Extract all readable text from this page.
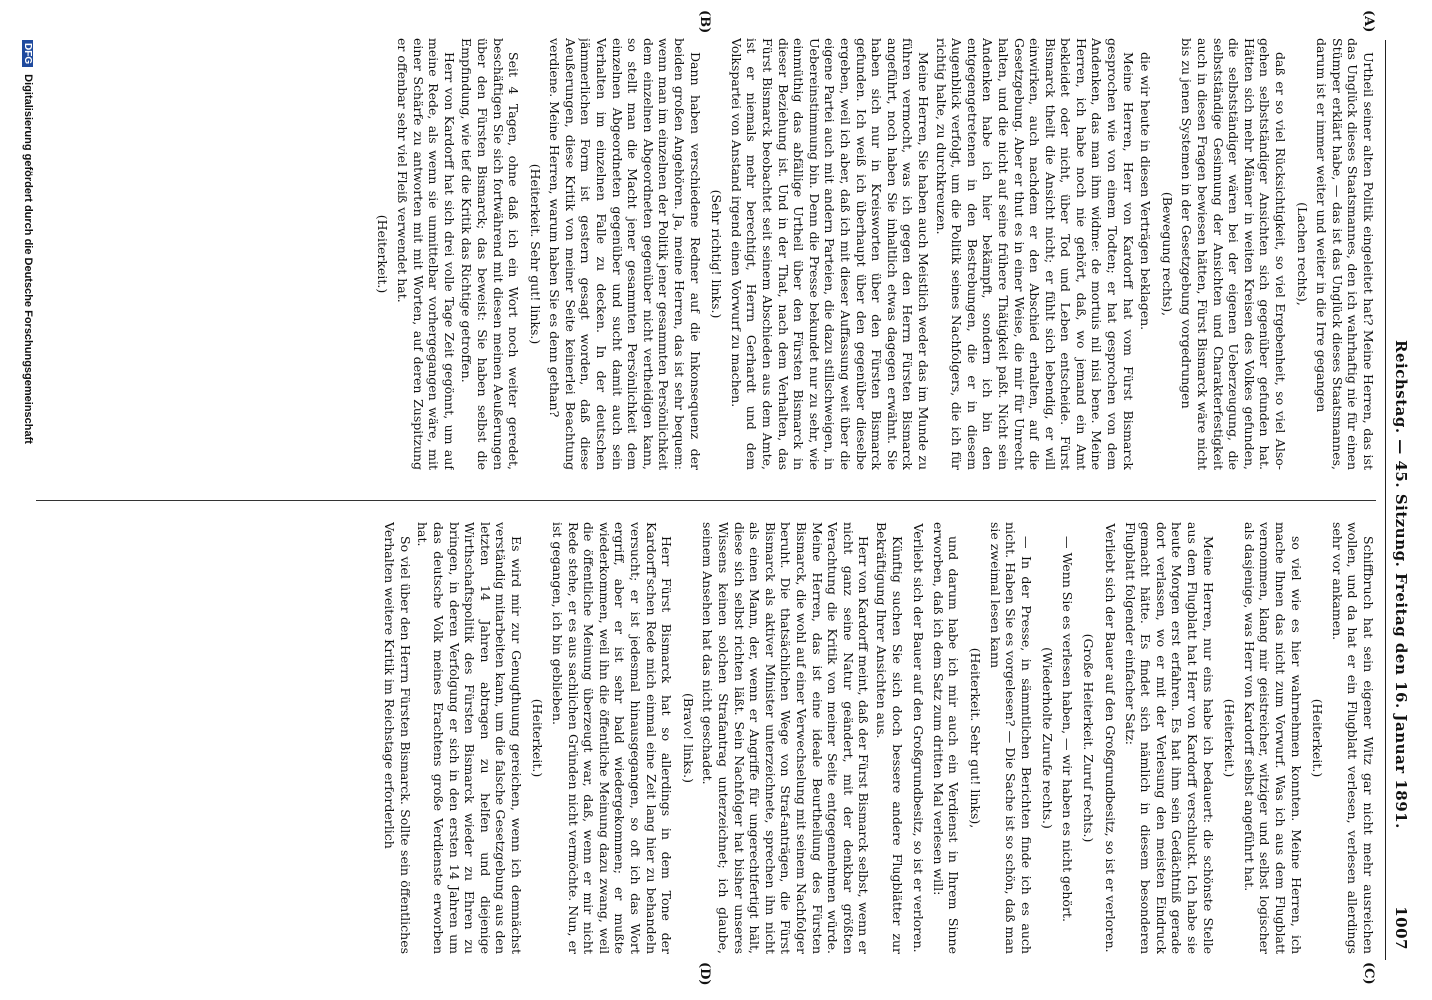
Reichstag. — 45. Sitzung. Freitag den 16. Januar 1891.
1007
(A)
(B)
(C)
(D)

Urtheil seiner alten Politik eingeleitet hat? Meine Herren, das ist das Unglück dieses Staatsmannes, den ich wahrhaftig nie für einen Stümper erklärt habe, — das ist das Unglück dieses Staatsmannes, darum ist er immer weiter und weiter in die Irre gegangen

(Lachen rechts),

daß er so viel Rücksichtigkeit, so viel Ergebenheit, so viel Also-gehen selbstständiger Ansichten sich gegenüber gefunden hat. Hätten sich mehr Männer in weiten Kreisen des Volkes gefunden, die selbstständiger wären bei der eigenen Ueberzeugung, die selbstständige Gesinnung der Ansichten und Charakterfestigkeit auch in diesen Fragen bewiesen hätten, Fürst Bismarck wäre nicht bis zu jenen Systemen in der Gesetzgebung vorgedrungen

(Bewegung rechts),

die wir heute in diesen Verträgen beklagen.

Meine Herren, Herr von Kardorff hat vom Fürst Bismarck gesprochen wie von einem Todten; er hat gesprochen von dem Andenken, das man ihm widme: de mortuis nil nisi bene. Meine Herren, ich habe noch nie gehört, daß, wo jemand ein Amt bekleidet oder nicht, über Tod und Leben entscheide. Fürst Bismarck theilt die Ansicht nicht; er fühlt sich lebendig, er will einwirken, auch nachdem er den Abschied erhalten, auf die Gesetzgebung. Aber er thut es in einer Weise, die mir für Unrecht halten, und die nicht auf seine frühere Thätigkeit paßt. Nicht sein Andenken habe ich hier bekämpft, sondern ich bin den entgegengetretenen in den Bestrebungen, die er in diesem Augenblick verfolgt, um die Politik seines Nachfolgers, die ich für richtig halte, zu durchkreuzen.

Meine Herren, Sie haben auch Meistlich weder das im Munde zu führen vermocht, was ich gegen den Herrn Fürsten Bismarck angeführt, noch haben Sie inhaltlich etwas dagegen erwähnt. Sie haben sich nur in Kreisworten über den Fürsten Bismarck gefunden. Ich weiß ich überhaupt über den gegenüber dieselbe ergeben, weil ich aber, daß ich mit dieser Auffassung weit über die eigene Partei auch mit andern Parteien, die dazu stillschweigen, in Uebereinstimmung bin. Denn die Presse bekundet nur zu sehr, wie einmüthig das abfällige Urtheil über den Fürsten Bismarck in dieser Beziehung ist. Und in der That, nach dem Verhalten, das Fürst Bismarck beobachtet seit seinem Abschieden aus dem Amte, ist er niemals mehr berechtigt, Herrn Gerhardt und dem Volkspartei von Anstand irgend einen Vorwurf zu machen.

(Sehr richtig! links.)

Dann haben verschiedene Redner auf die Inkonsequenz der beiden großen Angehören. Ja, meine Herren, das ist sehr bequem: wenn man im einzelnen der Politik jener gesammten Persönlichkeit dem einzelnen Abgeordneten gegenüber nicht vertheidigen kann, so stellt man die Macht jener gesammten Persönlichkeit dem einzelnen Abgeordneten gegenüber und sucht damit auch sein Verhalten im einzelnen Falle zu decken. In der deutschen jämmerlichen Form ist gestern gesagt worden, daß diese Aeußerungen, diese Kritik von meiner Seite keinerlei Beachtung verdiene. Meine Herren, warum haben Sie es denn gethan?

(Heiterkeit. Sehr gut! links.)

Seit 4 Tagen, ohne daß ich ein Wort noch weiter geredet, beschäftigen Sie sich fortwährend mit diesen meinen Aeußerungen über den Fürsten Bismarck; das beweist: Sie haben selbst die Empfindung, wie tief die Kritik das Richtige getroffen.

Herr von Kardorff hat sich drei volle Tage Zeit gegönnt, um auf meine Rede, als wenn sie unmittelbar vorhergegangen wäre, mit einer Schärfe zu antworten mit mit Worten, auf deren Zuspitzung er offenbar sehr viel Fleiß verwendet hat.

(Heiterkeit.)

Schiffbruch hat sein eigener Witz gar nicht mehr ausreichen wollen, und da hat er ein Flugblatt verlesen, verlesen allerdings sehr vor ankamen.

(Heiterkeit.)

so viel wie es hier wahrnehmen konnten. Meine Herren, ich mache Ihnen das nicht zum Vorwurf. Was ich aus dem Flugblatt vernommen, klang mir geistreicher, witziger und selbst logischer als dasjenige, was Herr von Kardorff selbst angeführt hat.

(Heiterkeit.)

Meine Herren, nur eins habe ich bedauert: die schönste Stelle aus dem Flugblatt hat Herr von Kardorff verschluckt. Ich habe sie heute Morgen erst erfahren. Es hat ihm sein Gedächtniß gerade dort verlassen, wo er mit der Verlesung den meisten Eindruck gemacht hätte. Es findet sich nämlich in diesem besonderen Flugblatt folgender einfacher Satz:

Verliebt sich der Bauer auf den Großgrundbesitz, so ist er verloren.

(Große Heiterkeit. Zuruf rechts.)

— Wenn Sie es verlesen haben, — wir haben es nicht gehört.

(Wiederholte Zurufe rechts.)

— In der Presse, in sämmtlichen Berichten finde ich es auch nicht. Haben Sie es vorgelesen? — Die Sache ist so schön, daß man sie zweimal lesen kann

(Heiterkeit. Sehr gut! links),

und darum habe ich mir auch ein Verdienst in Ihrem Sinne erworben, daß ich dem Satz zum dritten Mal verlesen will:

Verliebt sich der Bauer auf den Großgrundbesitz, so ist er verloren.

Künftig suchen Sie sich doch bessere andere Flugblätter zur Bekräftigung Ihrer Ansichten aus.

Herr von Kardorff meint, daß der Fürst Bismarck selbst, wenn er nicht ganz seine Natur geändert, mit der denkbar größten Verachtung die Kritik von meiner Seite entgegennehmen würde. Meine Herren, das ist eine ideale Beurtheilung des Fürsten Bismarck, die wohl auf einer Verwechselung mit seinem Nachfolger beruht. Die thatsächlichen Wege von Straf-anträgen, die Fürst Bismarck als aktiver Minister unterzeichnete, sprechen ihn nicht als einen Mann, der, wenn er Angriffe für ungerechtfertigt hält, diese sich selbst richten läßt. Sein Nachfolger hat bisher unseres Wissens keinen solchen Strafantrag unterzeichnet; ich glaube, seinem Ansehen hat das nicht geschadet.

(Bravo! links.)

Herr Fürst Bismarck hat so allerdings in dem Tone der Kardorff'schen Rede mich einmal eine Zeit lang hier zu behandeln versucht; er ist jedesmal hinausgegangen, so oft ich das Wort ergriff, aber er ist sehr bald wiedergekommen; er mußte wiederkommen, weil ihn die öffentliche Meinung dazu zwang, weil die öffentliche Meinung überzeugt war, daß, wenn er mir nicht Rede stehe, er es aus sachlichen Gründen nicht vermöchte. Nun, er ist gegangen, ich bin geblieben.

(Heiterkeit.)

Es wird mir zur Genugthuung gereichen, wenn ich demnächst verständig mitarbeiten kann, um die falsche Gesetzgebung aus den letzten 14 Jahren abtragen zu helfen und diejenige Wirthschaftspolitik des Fürsten Bismarck wieder zu Ehren zu bringen, in deren Verfolgung er sich in den ersten 14 Jahren um das deutsche Volk meines Erachtens große Verdienste erworben hat.

So viel über den Herrn Fürsten Bismarck. Sollte sein öffentliches Verhalten weitere Kritik im Reichstage erforderlich

DFG Digitalisierung gefördert durch die Deutsche Forschungsgemeinschaft
